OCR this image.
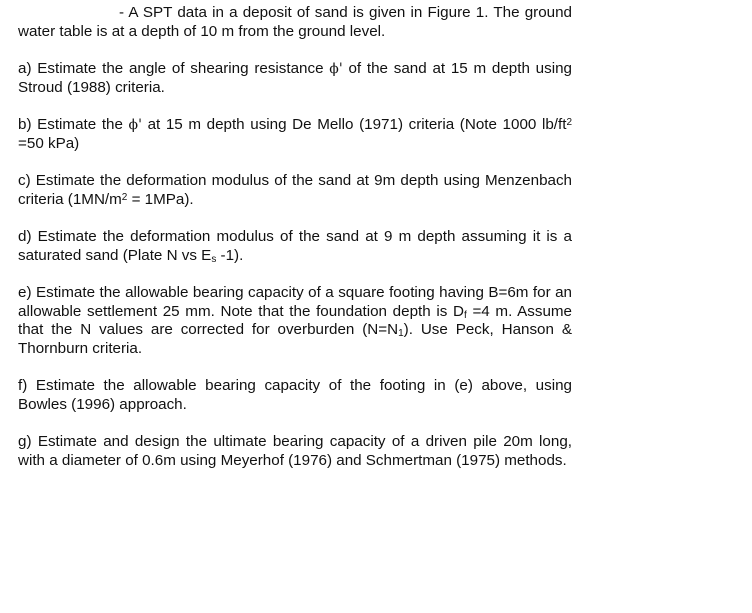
- A SPT data in a deposit of sand is given in Figure 1. The ground water table is at a depth of 10 m from the ground level.

a) Estimate the angle of shearing resistance ϕ' of the sand at 15 m depth using Stroud (1988) criteria.

b) Estimate the ϕ' at 15 m depth using De Mello (1971) criteria (Note 1000 $lb/ft^2 =50$ kPa)

c) Estimate the deformation modulus of the sand at 9m depth using Menzenbach criteria $(1MN/m^2 = 1MPa)$.

d) Estimate the deformation modulus of the sand at 9 m depth assuming it is a saturated sand (Plate N vs $E_s$ -1).

e) Estimate the allowable bearing capacity of a square footing having B=6m for an allowable settlement 25 mm. Note that the foundation depth is $D_f =4$ m. Assume that the N values are corrected for overburden $(N=N_1)$. Use Peck, Hanson & Thornburn criteria.

f) Estimate the allowable bearing capacity of the footing in (e) above, using Bowles (1996) approach.

g) Estimate and design the ultimate bearing capacity of a driven pile 20m long, with a diameter of 0.6m using Meyerhof (1976) and Schmertman (1975) methods.
